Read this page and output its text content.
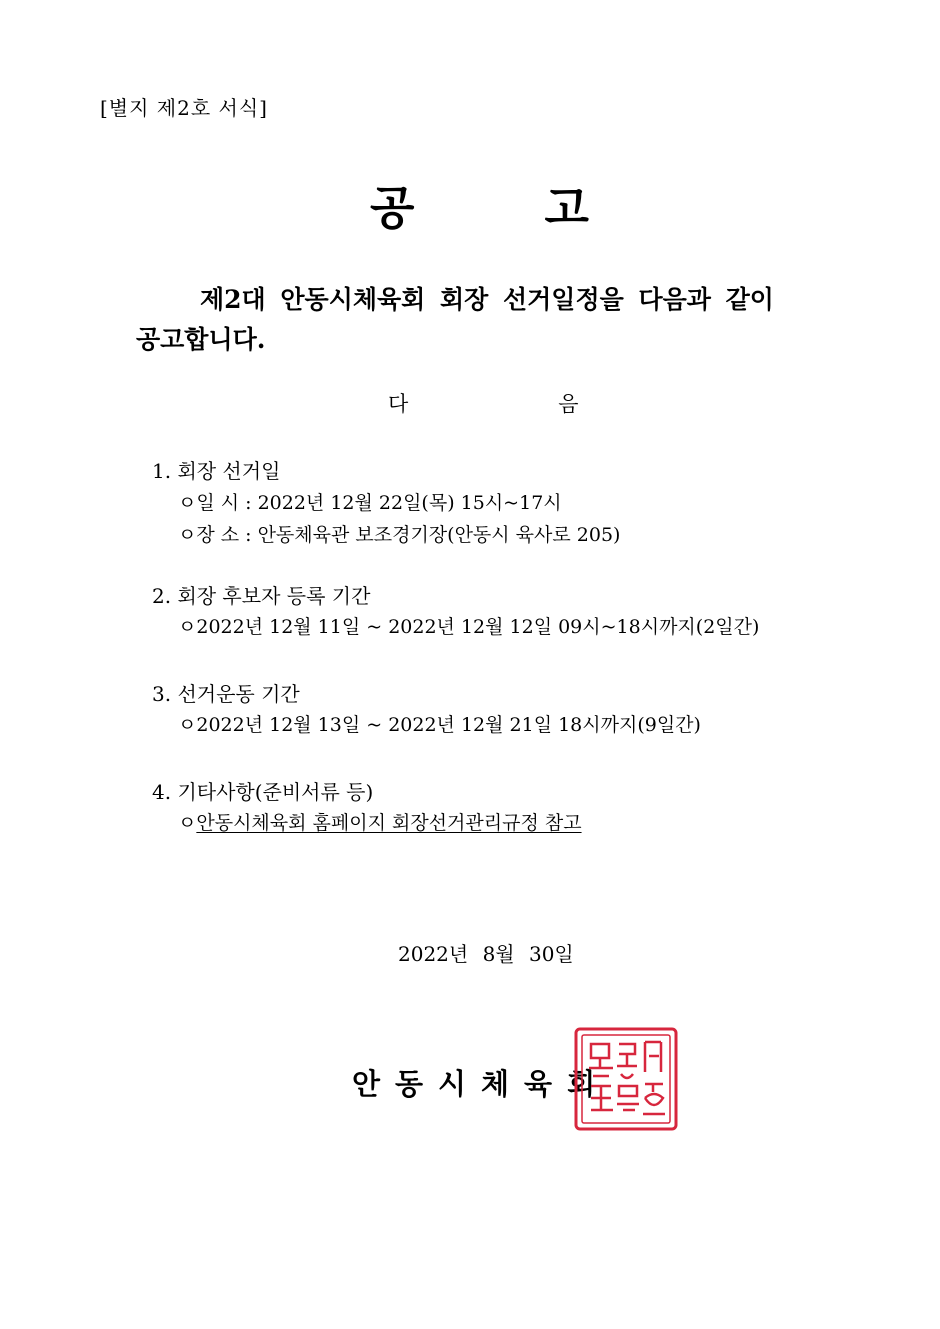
[별지 제2호 서식]
공	고
제2대 안동시체육회 회장 선거일정을 다음과 같이
공고합니다.
다	음
1. 회장 선거일
ㅇ일 시 : 2022년 12월 22일(목) 15시~17시
ㅇ장 소 : 안동체육관 보조경기장(안동시 육사로 205)
2. 회장 후보자 등록 기간
ㅇ2022년 12월 11일 ~ 2022년 12월 12일 09시~18시까지(2일간)
3. 선거운동 기간
ㅇ2022년 12월 13일 ~ 2022년 12월 21일 18시까지(9일간)
4. 기타사항(준비서류 등)
ㅇ안동시체육회 홈페이지 회장선거관리규정 참고
2022년 8월 30일
안동시체육회
